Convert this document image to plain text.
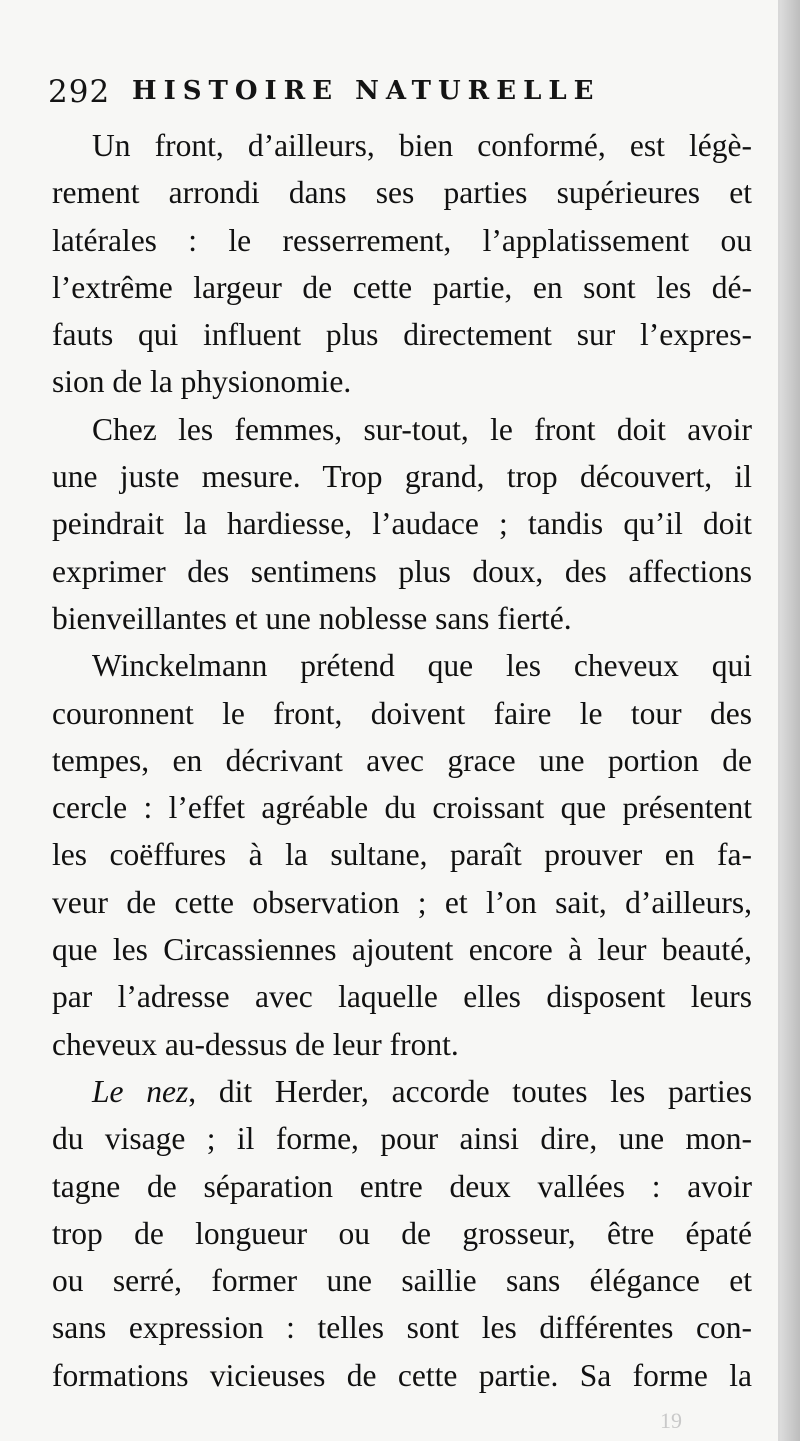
292 HISTOIRE NATURELLE
Un front, d’ailleurs, bien conformé, est légè-
rement arrondi dans ses parties supérieures et
latérales : le resserrement, l’applatissement ou
l’extrême largeur de cette partie, en sont les dé-
fauts qui influent plus directement sur l’expres-
sion de la physionomie.
Chez les femmes, sur-tout, le front doit avoir
une juste mesure. Trop grand, trop découvert, il
peindrait la hardiesse, l’audace ; tandis qu’il doit
exprimer des sentimens plus doux, des affections
bienveillantes et une noblesse sans fierté.
Winckelmann prétend que les cheveux qui
couronnent le front, doivent faire le tour des
tempes, en décrivant avec grace une portion de
cercle : l’effet agréable du croissant que présentent
les coëffures à la sultane, paraît prouver en fa-
veur de cette observation ; et l’on sait, d’ailleurs,
que les Circassiennes ajoutent encore à leur beauté,
par l’adresse avec laquelle elles disposent leurs
cheveux au-dessus de leur front.
Le nez, dit Herder, accorde toutes les parties
du visage ; il forme, pour ainsi dire, une mon-
tagne de séparation entre deux vallées : avoir
trop de longueur ou de grosseur, être épaté
ou serré, former une saillie sans élégance et
sans expression : telles sont les différentes con-
formations vicieuses de cette partie. Sa forme la
19
